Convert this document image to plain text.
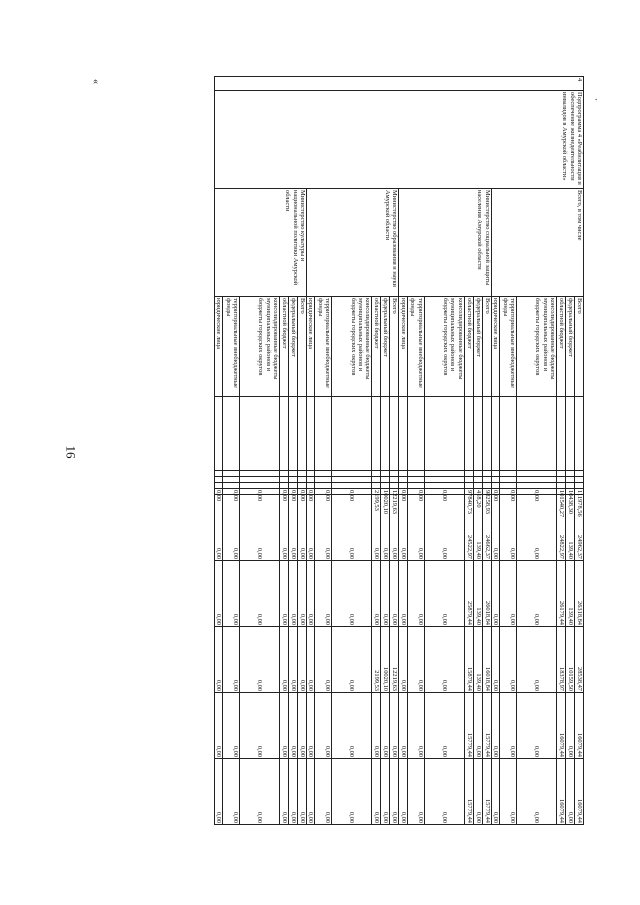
16
«
.
4	Подпрограмма 4 «Реабилитация и обеспечение жизнедеятельности инвалидов в Амурской области»	Всего, в том числе	Всего					111978,56	24962,37	26318,84	28538,47	16079,44	16079,44
			федеральный бюджет					10438,30	139,40	139,40	10159,50	0,00	0,00
			областной бюджет					101540,27	24822,97	26179,44	18378,97	16079,44	16079,44
			консолидированные бюджеты муниципальных районов и бюджеты городских округов					0,00	0,00	0,00	0,00	0,00	0,00
			территориальные внебюджетные фонды					0,00	0,00	0,00	0,00	0,00	0,00
			юридические лица					0,00	0,00	0,00	0,00	0,00	0,00
		Министерство социальной защиты населения Амурской области	Всего					98258,93	24662,37	26018,84	16018,84	15779,44	15779,44
			федеральный бюджет					418,20	139,40	139,40	139,40	0,00	0,00
			областной бюджет					97840,73	24522,97	25879,44	15879,44	15779,44	15779,44
			консолидированные бюджеты муниципальных районов и бюджеты городских округов					0,00	0,00	0,00	0,00	0,00	0,00
			территориальные внебюджетные фонды					0,00	0,00	0,00	0,00	0,00	0,00
			юридические лица					0,00	0,00	0,00	0,00	0,00	0,00
		Министерство образования и науки Амурской области	Всего					12219,63	0,00	0,00	12219,63	0,00	0,00
			федеральный бюджет					10020,10	0,00	0,00	10020,10	0,00	0,00
			областной бюджет					2199,53	0,00	0,00	2199,53	0,00	0,00
			консолидированные бюджеты муниципальных районов и бюджеты городских округов					0,00	0,00	0,00	0,00	0,00	0,00
			территориальные внебюджетные фонды					0,00	0,00	0,00	0,00	0,00	0,00
			юридические лица					0,00	0,00	0,00	0,00	0,00	0,00
		Министерство культуры и национальной политики Амурской области	Всего					0,00	0,00	0,00	0,00	0,00	0,00
			федеральный бюджет					0,00	0,00	0,00	0,00	0,00	0,00
			областной бюджет					0,00	0,00	0,00	0,00	0,00	0,00
			консолидированные бюджеты муниципальных районов и бюджеты городских округов					0,00	0,00	0,00	0,00	0,00	0,00
			территориальные внебюджетные фонды					0,00	0,00	0,00	0,00	0,00	0,00
			юридические лица					0,00	0,00	0,00	0,00	0,00	0,00
